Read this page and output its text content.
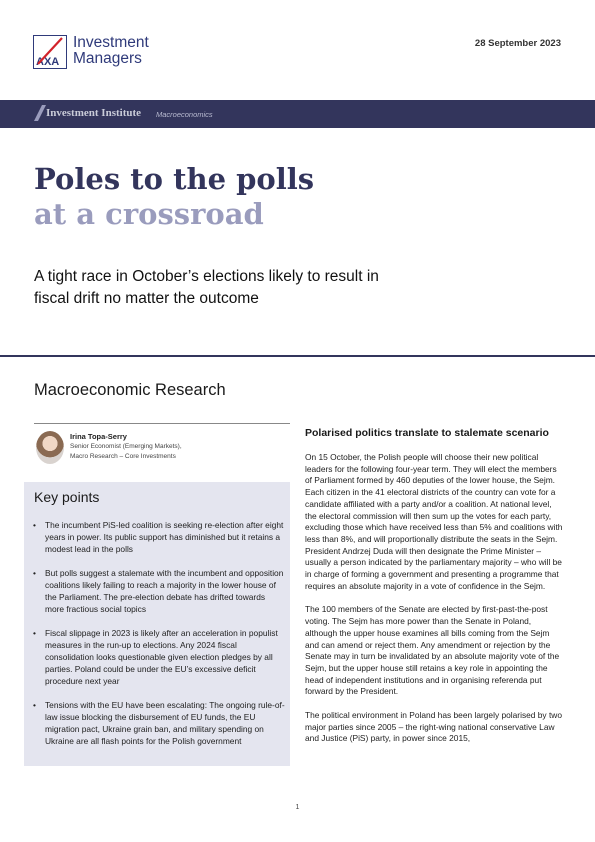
AXA
Investment
Managers
28 September 2023
Investment Institute Macroeconomics
Poles to the polls
at a crossroad
A tight race in October’s elections likely to result in fiscal drift no matter the outcome
Macroeconomic Research
Irina Topa-Serry
Senior Economist (Emerging Markets),
Macro Research – Core Investments
Key points
• The incumbent PiS-led coalition is seeking re-election after eight years in power. Its public support has diminished but it retains a modest lead in the polls
• But polls suggest a stalemate with the incumbent and opposition coalitions likely failing to reach a majority in the lower house of the Parliament. The pre-election debate has drifted towards more fractious social topics
• Fiscal slippage in 2023 is likely after an acceleration in populist measures in the run-up to elections. Any 2024 fiscal consolidation looks questionable given election pledges by all parties. Poland could be under the EU’s excessive deficit procedure next year
• Tensions with the EU have been escalating: The ongoing rule-of-law issue blocking the disbursement of EU funds, the EU migration pact, Ukraine grain ban, and military spending on Ukraine are all flash points for the Polish government
Polarised politics translate to stalemate scenario

On 15 October, the Polish people will choose their new political leaders for the following four-year term. They will elect the members of Parliament formed by 460 deputies of the lower house, the Sejm. Each citizen in the 41 electoral districts of the country can vote for a candidate affiliated with a party and/or a coalition. At national level, the electoral commission will then sum up the votes for each party, excluding those which have received less than 5% and coalitions with less than 8%, and will proportionally distribute the seats in the Sejm. President Andrzej Duda will then designate the Prime Minister – usually a person indicated by the parliamentary majority – who will be in charge of forming a government and presenting a programme that requires an absolute majority in a vote of confidence in the Sejm.

The 100 members of the Senate are elected by first-past-the-post voting. The Sejm has more power than the Senate in Poland, although the upper house examines all bills coming from the Sejm and can amend or reject them. Any amendment or rejection by the Senate may in turn be invalidated by an absolute majority vote of the Sejm, but the upper house still retains a key role in appointing the head of independent institutions and in organising referenda put forward by the President.

The political environment in Poland has been largely polarised by two major parties since 2005 – the right-wing national conservative Law and Justice (PiS) party, in power since 2015,

1
